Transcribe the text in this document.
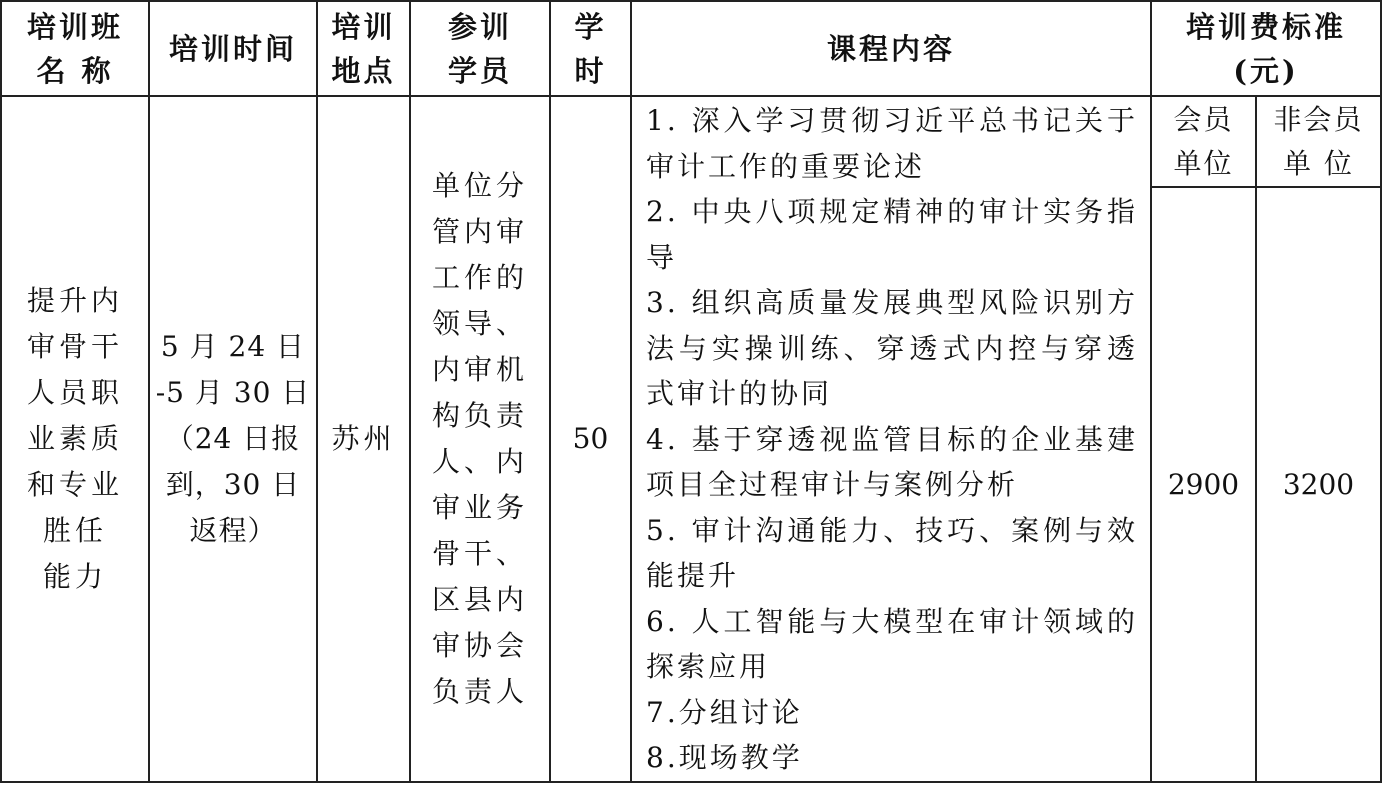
培训班
名 称
培训时间
培训
地点
参训
学员
学
时
课程内容
培训费标准
(元)
会员
单位
非会员
单 位
提升内
审骨干
人员职
业素质
和专业
胜任
能力
5 月 24 日
-5 月 30 日
（24 日报
到，30 日
返程）
苏州
单位分
管内审
工作的
领导、
内审机
构负责
人、内
审业务
骨干、
区县内
审协会
负责人
50

1. 深入学习贯彻习近平总书记关于审计工作的重要论述

2. 中央八项规定精神的审计实务指导

3. 组织高质量发展典型风险识别方法与实操训练、穿透式内控与穿透式审计的协同

4. 基于穿透视监管目标的企业基建项目全过程审计与案例分析

5. 审计沟通能力、技巧、案例与效能提升

6. 人工智能与大模型在审计领域的探索应用

7.分组讨论

8.现场教学

2900	3200
